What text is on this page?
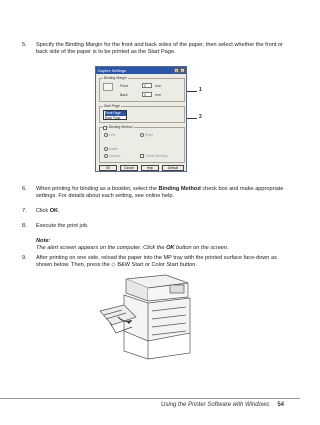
5. Specify the Binding Margin for the front and back sides of the paper, then select whether the front or back side of the paper is to be printed as the Start Page.
Duplex Settings	?	×
Binding Margin
Front	0	mm
Back	0	mm
Start Page
Front Page
Back Page
Binding Method
Left	Right
Inside
Outside	Center Binding
OK	Cancel	Help	Default
1
2
6. When printing for binding as a booklet, select the Binding Method check box and make appropriate settings. For details about each setting, see online help.
7. Click OK.
8. Execute the print job.
Note:
The alert screen appears on the computer. Click the OK button on the screen.
9. After printing on one side, reload the paper into the MP tray with the printed surface face-down as shown below. Then, press the ◇ B&W Start or Color Start button.
Using the Printer Software with Windows 54
